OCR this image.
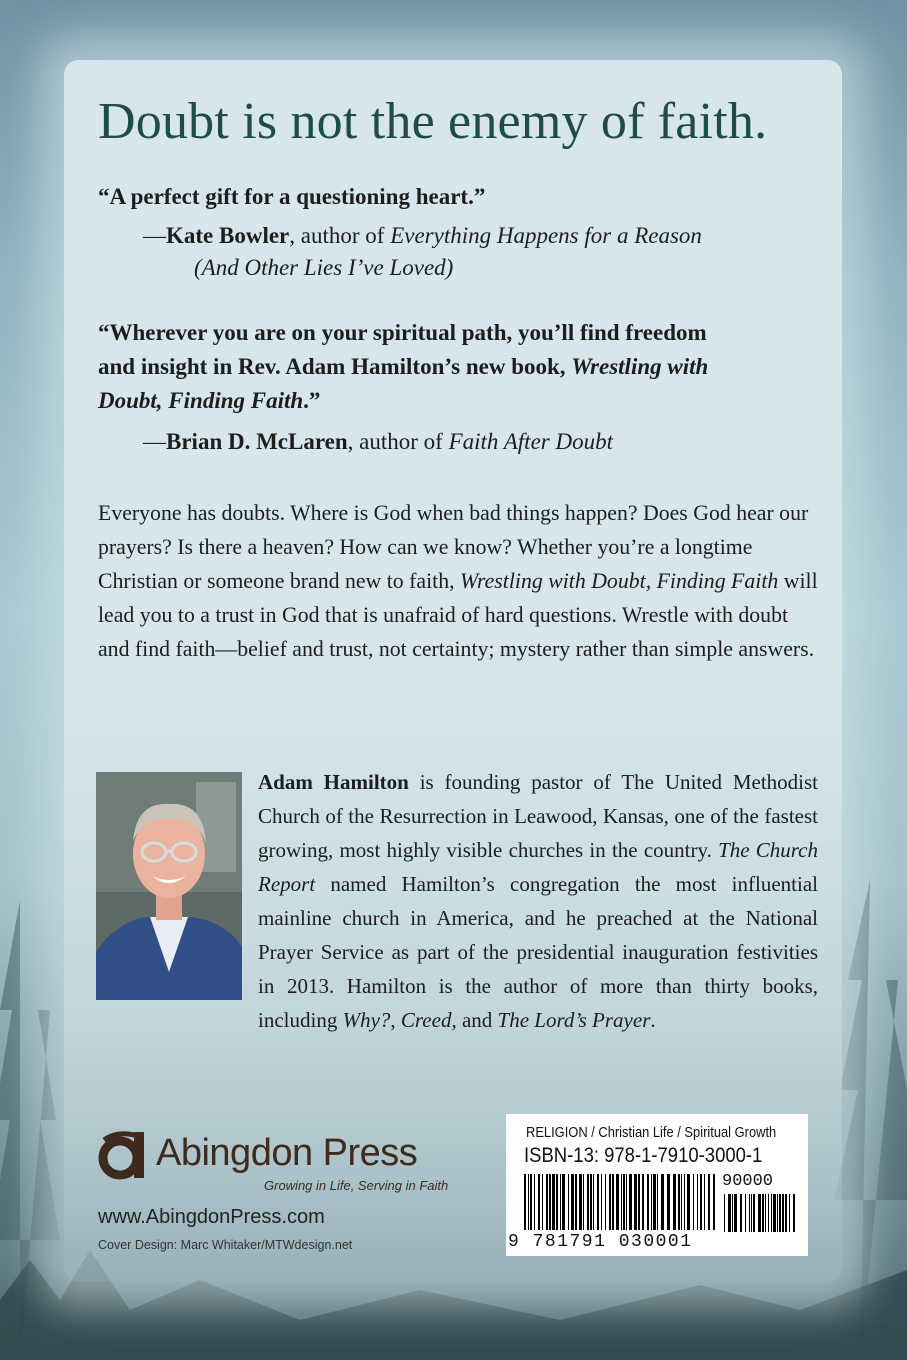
Doubt is not the enemy of faith.
“A perfect gift for a questioning heart.”
—Kate Bowler, author of Everything Happens for a Reason
(And Other Lies I’ve Loved)
“Wherever you are on your spiritual path, you’ll find freedom
and insight in Rev. Adam Hamilton’s new book, Wrestling with
Doubt, Finding Faith.”
—Brian D. McLaren, author of Faith After Doubt
Everyone has doubts. Where is God when bad things happen? Does God hear our prayers? Is there a heaven? How can we know? Whether you’re a longtime Christian or someone brand new to faith, Wrestling with Doubt, Finding Faith will lead you to a trust in God that is unafraid of hard questions. Wrestle with doubt and find faith—belief and trust, not certainty; mystery rather than simple answers.
Adam Hamilton is founding pastor of The United Methodist Church of the Resurrection in Leawood, Kansas, one of the fastest growing, most highly visible churches in the country. The Church Report named Hamilton’s congregation the most influential mainline church in America, and he preached at the National Prayer Service as part of the presidential inauguration festivities in 2013. Hamilton is the author of more than thirty books, including Why?, Creed, and The Lord’s Prayer.
Abingdon Press
Growing in Life, Serving in Faith
www.AbingdonPress.com
Cover Design: Marc Whitaker/MTWdesign.net
RELIGION / Christian Life / Spiritual Growth
ISBN-13: 978-1-7910-3000-1
90000
9 781791 030001
